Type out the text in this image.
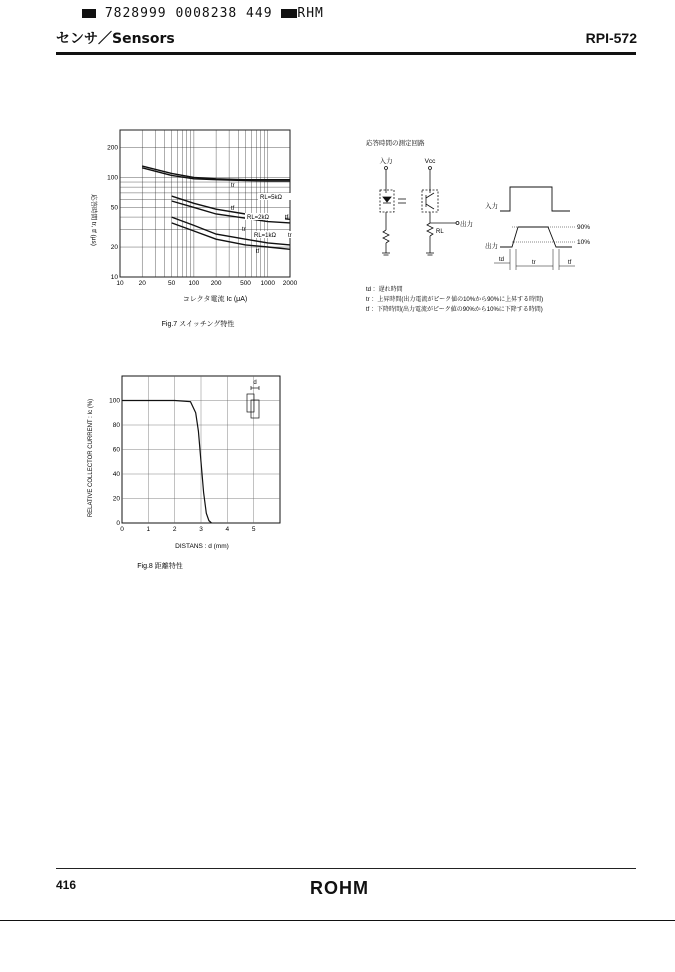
7828999 0008238 449 RHM
センサ／Sensors	RPI-572
10 20	50 100 200	500 1000 2000
10
20
50
100
200
RL=5kΩ
RL=2kΩ
RL=1kΩ
tr
tf
tr
tf
tr
tf
応答時間 tr, tf (μs)
コレクタ電流 Ic (μA)
Fig.7 スイッチング特性
応答時間の測定回路
入力	Vcc
出力
RL
入力
出力
90%
10%
td	tr	tf
td ：遅れ時間
tr ：上昇時間(出力電流がピーク値の10%から90%に上昇する時間)
tf ：下降時間(出力電流がピーク値の90%から10%に下降する時間)
0	1	2	3	4	5
0
20
40
60
80
100
d
RELATIVE COLLECTOR CURRENT : Ic (%)
DISTANS : d (mm)
Fig.8 距離特性
416	ROHM
